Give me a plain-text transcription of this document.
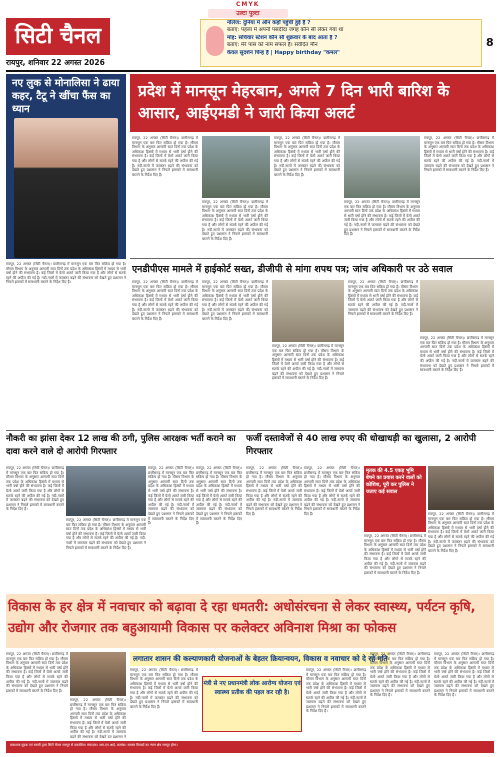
CMYK
उल्टा पुल्टा
सिटी चैनल
रायपुर, शनिवार 22 अगस्त 2026
8
नॉलेज: दुनिया में ऑन कहाँ पहुंची हुई है ?
बताएं: पहला में अपनी पसंदीदा जगह कौन सी लेकर गया था
मोह: सचिवार स्टेशन कौन सौ शुक्रवार के बाद आता है ?
बताएं: मेरे पास को नाम सफल है। सवेदित मौन
केवल सुदर्शन चिन्ह है | Happy birthday "कमल"
नए लुक से मोनालिसा ने ढाया कहर, टैटू ने खींचा फैंस का ध्यान
रायपुर, 22 अगस्त (सिटी चैनल)। छत्तीसगढ़ में मानसून एक बार फिर सक्रिय हो गया है। मौसम विभाग के अनुसार आगामी सात दिनों तक प्रदेश के अधिकांश हिस्सों में मध्यम से भारी वर्षा होने की संभावना है। कई जिलों में येलो अलर्ट जारी किया गया है और लोगों से सतर्क रहने की अपील की गई है। नदी-नालों में जलस्तर बढ़ने की संभावना को देखते हुए प्रशासन ने निचले इलाकों में सावधानी बरतने के निर्देश दिए हैं।
प्रदेश में मानसून मेहरबान, अगले 7 दिन भारी बारिश के आसार, आईएमडी ने जारी किया अलर्ट
रायपुर, 22 अगस्त (सिटी चैनल)। छत्तीसगढ़ में मानसून एक बार फिर सक्रिय हो गया है। मौसम विभाग के अनुसार आगामी सात दिनों तक प्रदेश के अधिकांश हिस्सों में मध्यम से भारी वर्षा होने की संभावना है। कई जिलों में येलो अलर्ट जारी किया गया है और लोगों से सतर्क रहने की अपील की गई है। नदी-नालों में जलस्तर बढ़ने की संभावना को देखते हुए प्रशासन ने निचले इलाकों में सावधानी बरतने के निर्देश दिए हैं।
रायपुर, 22 अगस्त (सिटी चैनल)। छत्तीसगढ़ में मानसून एक बार फिर सक्रिय हो गया है। मौसम विभाग के अनुसार आगामी सात दिनों तक प्रदेश के अधिकांश हिस्सों में मध्यम से भारी वर्षा होने की संभावना है। कई जिलों में येलो अलर्ट जारी किया गया है और लोगों से सतर्क रहने की अपील की गई है। नदी-नालों में जलस्तर बढ़ने की संभावना को देखते हुए प्रशासन ने निचले इलाकों में सावधानी बरतने के निर्देश दिए हैं।
रायपुर, 22 अगस्त (सिटी चैनल)। छत्तीसगढ़ में मानसून एक बार फिर सक्रिय हो गया है। मौसम विभाग के अनुसार आगामी सात दिनों तक प्रदेश के अधिकांश हिस्सों में मध्यम से भारी वर्षा होने की संभावना है। कई जिलों में येलो अलर्ट जारी किया गया है और लोगों से सतर्क रहने की अपील की गई है। नदी-नालों में जलस्तर बढ़ने की संभावना को देखते हुए प्रशासन ने निचले इलाकों में सावधानी बरतने के निर्देश दिए हैं।
रायपुर, 22 अगस्त (सिटी चैनल)। छत्तीसगढ़ में मानसून एक बार फिर सक्रिय हो गया है। मौसम विभाग के अनुसार आगामी सात दिनों तक प्रदेश के अधिकांश हिस्सों में मध्यम से भारी वर्षा होने की संभावना है। कई जिलों में येलो अलर्ट जारी किया गया है और लोगों से सतर्क रहने की अपील की गई है। नदी-नालों में जलस्तर बढ़ने की संभावना को देखते हुए प्रशासन ने निचले इलाकों में सावधानी बरतने के निर्देश दिए हैं।
रायपुर, 22 अगस्त (सिटी चैनल)। छत्तीसगढ़ में मानसून एक बार फिर सक्रिय हो गया है। मौसम विभाग के अनुसार आगामी सात दिनों तक प्रदेश के अधिकांश हिस्सों में मध्यम से भारी वर्षा होने की संभावना है। कई जिलों में येलो अलर्ट जारी किया गया है और लोगों से सतर्क रहने की अपील की गई है। नदी-नालों में जलस्तर बढ़ने की संभावना को देखते हुए प्रशासन ने निचले इलाकों में सावधानी बरतने के निर्देश दिए हैं।
एनडीपीएस मामले में हाईकोर्ट सख्त, डीजीपी से मांगा शपथ पत्र; जांच अधिकारी पर उठे सवाल
रायपुर, 22 अगस्त (सिटी चैनल)। छत्तीसगढ़ में मानसून एक बार फिर सक्रिय हो गया है। मौसम विभाग के अनुसार आगामी सात दिनों तक प्रदेश के अधिकांश हिस्सों में मध्यम से भारी वर्षा होने की संभावना है। कई जिलों में येलो अलर्ट जारी किया गया है और लोगों से सतर्क रहने की अपील की गई है। नदी-नालों में जलस्तर बढ़ने की संभावना को देखते हुए प्रशासन ने निचले इलाकों में सावधानी बरतने के निर्देश दिए हैं।
रायपुर, 22 अगस्त (सिटी चैनल)। छत्तीसगढ़ में मानसून एक बार फिर सक्रिय हो गया है। मौसम विभाग के अनुसार आगामी सात दिनों तक प्रदेश के अधिकांश हिस्सों में मध्यम से भारी वर्षा होने की संभावना है। कई जिलों में येलो अलर्ट जारी किया गया है और लोगों से सतर्क रहने की अपील की गई है। नदी-नालों में जलस्तर बढ़ने की संभावना को देखते हुए प्रशासन ने निचले इलाकों में सावधानी बरतने के निर्देश दिए हैं।
रायपुर, 22 अगस्त (सिटी चैनल)। छत्तीसगढ़ में मानसून एक बार फिर सक्रिय हो गया है। मौसम विभाग के अनुसार आगामी सात दिनों तक प्रदेश के अधिकांश हिस्सों में मध्यम से भारी वर्षा होने की संभावना है। कई जिलों में येलो अलर्ट जारी किया गया है और लोगों से सतर्क रहने की अपील की गई है। नदी-नालों में जलस्तर बढ़ने की संभावना को देखते हुए प्रशासन ने निचले इलाकों में सावधानी बरतने के निर्देश दिए हैं।
रायपुर, 22 अगस्त (सिटी चैनल)। छत्तीसगढ़ में मानसून एक बार फिर सक्रिय हो गया है। मौसम विभाग के अनुसार आगामी सात दिनों तक प्रदेश के अधिकांश हिस्सों में मध्यम से भारी वर्षा होने की संभावना है। कई जिलों में येलो अलर्ट जारी किया गया है और लोगों से सतर्क रहने की अपील की गई है। नदी-नालों में जलस्तर बढ़ने की संभावना को देखते हुए प्रशासन ने निचले इलाकों में सावधानी बरतने के निर्देश दिए हैं।
रायपुर, 22 अगस्त (सिटी चैनल)। छत्तीसगढ़ में मानसून एक बार फिर सक्रिय हो गया है। मौसम विभाग के अनुसार आगामी सात दिनों तक प्रदेश के अधिकांश हिस्सों में मध्यम से भारी वर्षा होने की संभावना है। कई जिलों में येलो अलर्ट जारी किया गया है और लोगों से सतर्क रहने की अपील की गई है। नदी-नालों में जलस्तर बढ़ने की संभावना को देखते हुए प्रशासन ने निचले इलाकों में सावधानी बरतने के निर्देश दिए हैं।
नौकरी का झांसा देकर 12 लाख की ठगी, पुलिस आरक्षक भर्ती कराने का दावा करने वाले दो आरोपी गिरफ्तार
रायपुर, 22 अगस्त (सिटी चैनल)। छत्तीसगढ़ में मानसून एक बार फिर सक्रिय हो गया है। मौसम विभाग के अनुसार आगामी सात दिनों तक प्रदेश के अधिकांश हिस्सों में मध्यम से भारी वर्षा होने की संभावना है। कई जिलों में येलो अलर्ट जारी किया गया है और लोगों से सतर्क रहने की अपील की गई है। नदी-नालों में जलस्तर बढ़ने की संभावना को देखते हुए प्रशासन ने निचले इलाकों में सावधानी बरतने के निर्देश दिए हैं।
रायपुर, 22 अगस्त (सिटी चैनल)। छत्तीसगढ़ में मानसून एक बार फिर सक्रिय हो गया है। मौसम विभाग के अनुसार आगामी सात दिनों तक प्रदेश के अधिकांश हिस्सों में मध्यम से भारी वर्षा होने की संभावना है। कई जिलों में येलो अलर्ट जारी किया गया है और लोगों से सतर्क रहने की अपील की गई है। नदी-नालों में जलस्तर बढ़ने की संभावना को देखते हुए प्रशासन ने निचले इलाकों में सावधानी बरतने के निर्देश दिए हैं।
रायपुर, 22 अगस्त (सिटी चैनल)। छत्तीसगढ़ में मानसून एक बार फिर सक्रिय हो गया है। मौसम विभाग के अनुसार आगामी सात दिनों तक प्रदेश के अधिकांश हिस्सों में मध्यम से भारी वर्षा होने की संभावना है। कई जिलों में येलो अलर्ट जारी किया गया है और लोगों से सतर्क रहने की अपील की गई है। नदी-नालों में जलस्तर बढ़ने की संभावना को देखते हुए प्रशासन ने निचले इलाकों में सावधानी बरतने के निर्देश दिए हैं।
रायपुर, 22 अगस्त (सिटी चैनल)। छत्तीसगढ़ में मानसून एक बार फिर सक्रिय हो गया है। मौसम विभाग के अनुसार आगामी सात दिनों तक प्रदेश के अधिकांश हिस्सों में मध्यम से भारी वर्षा होने की संभावना है। कई जिलों में येलो अलर्ट जारी किया गया है और लोगों से सतर्क रहने की अपील की गई है। नदी-नालों में जलस्तर बढ़ने की संभावना को देखते हुए प्रशासन ने निचले इलाकों में सावधानी बरतने के निर्देश दिए हैं।
फर्जी दस्तावेजों से 40 लाख रुपए की धोखाधड़ी का खुलासा, 2 आरोपी गिरफ्तार
रायपुर, 22 अगस्त (सिटी चैनल)। छत्तीसगढ़ में मानसून एक बार फिर सक्रिय हो गया है। मौसम विभाग के अनुसार आगामी सात दिनों तक प्रदेश के अधिकांश हिस्सों में मध्यम से भारी वर्षा होने की संभावना है। कई जिलों में येलो अलर्ट जारी किया गया है और लोगों से सतर्क रहने की अपील की गई है। नदी-नालों में जलस्तर बढ़ने की संभावना को देखते हुए प्रशासन ने निचले इलाकों में सावधानी बरतने के निर्देश दिए हैं।
रायपुर, 22 अगस्त (सिटी चैनल)। छत्तीसगढ़ में मानसून एक बार फिर सक्रिय हो गया है। मौसम विभाग के अनुसार आगामी सात दिनों तक प्रदेश के अधिकांश हिस्सों में मध्यम से भारी वर्षा होने की संभावना है। कई जिलों में येलो अलर्ट जारी किया गया है और लोगों से सतर्क रहने की अपील की गई है। नदी-नालों में जलस्तर बढ़ने की संभावना को देखते हुए प्रशासन ने निचले इलाकों में सावधानी बरतने के निर्देश दिए हैं।
मृतक की 4.5 एकड़ भूमि बेचने का प्रयास करने वालों को कोशिश, पूरी कर पुलिस ने जताए कई सवाल
रायपुर, 22 अगस्त (सिटी चैनल)। छत्तीसगढ़ में मानसून एक बार फिर सक्रिय हो गया है। मौसम विभाग के अनुसार आगामी सात दिनों तक प्रदेश के अधिकांश हिस्सों में मध्यम से भारी वर्षा होने की संभावना है। कई जिलों में येलो अलर्ट जारी किया गया है और लोगों से सतर्क रहने की अपील की गई है। नदी-नालों में जलस्तर बढ़ने की संभावना को देखते हुए प्रशासन ने निचले इलाकों में सावधानी बरतने के निर्देश दिए हैं।
रायपुर, 22 अगस्त (सिटी चैनल)। छत्तीसगढ़ में मानसून एक बार फिर सक्रिय हो गया है। मौसम विभाग के अनुसार आगामी सात दिनों तक प्रदेश के अधिकांश हिस्सों में मध्यम से भारी वर्षा होने की संभावना है। कई जिलों में येलो अलर्ट जारी किया गया है और लोगों से सतर्क रहने की अपील की गई है। नदी-नालों में जलस्तर बढ़ने की संभावना को देखते हुए प्रशासन ने निचले इलाकों में सावधानी बरतने के निर्देश दिए हैं।
विकास के हर क्षेत्र में नवाचार को बढ़ावा दे रहा धमतरी: अधोसंरचना से लेकर स्वास्थ्य, पर्यटन कृषि, उद्योग और रोजगार तक बहुआयामी विकास पर कलेक्टर अविनाश मिश्रा का फोकस
रायपुर, 22 अगस्त (सिटी चैनल)। छत्तीसगढ़ में मानसून एक बार फिर सक्रिय हो गया है। मौसम विभाग के अनुसार आगामी सात दिनों तक प्रदेश के अधिकांश हिस्सों में मध्यम से भारी वर्षा होने की संभावना है। कई जिलों में येलो अलर्ट जारी किया गया है और लोगों से सतर्क रहने की अपील की गई है। नदी-नालों में जलस्तर बढ़ने की संभावना को देखते हुए प्रशासन ने निचले इलाकों में सावधानी बरतने के निर्देश दिए हैं।
रायपुर, 22 अगस्त (सिटी चैनल)। छत्तीसगढ़ में मानसून एक बार फिर सक्रिय हो गया है। मौसम विभाग के अनुसार आगामी सात दिनों तक प्रदेश के अधिकांश हिस्सों में मध्यम से भारी वर्षा होने की संभावना है। कई जिलों में येलो अलर्ट जारी किया गया है और लोगों से सतर्क रहने की अपील की गई है। नदी-नालों में जलस्तर बढ़ने की संभावना को देखते हुए प्रशासन ने
लगातार शासन की कल्याणकारी योजनाओं के बेहतर क्रियान्वयन, विकास व नवाचार को दे रहे गति
रायपुर, 22 अगस्त (सिटी चैनल)। छत्तीसगढ़ में मानसून एक बार फिर सक्रिय हो गया है। मौसम विभाग के अनुसार आगामी सात दिनों तक प्रदेश के अधिकांश हिस्सों में मध्यम से भारी वर्षा होने की संभावना है। कई जिलों में येलो अलर्ट जारी किया गया है और लोगों से सतर्क रहने की अपील की गई है। नदी-नालों में जलस्तर बढ़ने की संभावना को देखते हुए प्रशासन ने निचले इलाकों में सावधानी बरतने के निर्देश दिए हैं।
मंत्री से नए प्रधानमंत्री लोक आरोग्य योजना एवं स्वास्थ्य प्रतीक की पहल कर रही है।
रायपुर, 22 अगस्त (सिटी चैनल)। छत्तीसगढ़ में मानसून एक बार फिर सक्रिय हो गया है। मौसम विभाग के अनुसार आगामी सात दिनों तक प्रदेश के अधिकांश हिस्सों में मध्यम से भारी वर्षा होने की संभावना है। कई जिलों में येलो अलर्ट जारी किया गया है और लोगों से सतर्क रहने की अपील की गई है। नदी-नालों में जलस्तर बढ़ने की संभावना को देखते हुए प्रशासन ने निचले इलाकों में सावधानी बरतने के निर्देश दिए हैं।
रायपुर, 22 अगस्त (सिटी चैनल)। छत्तीसगढ़ में मानसून एक बार फिर सक्रिय हो गया है। मौसम विभाग के अनुसार आगामी सात दिनों तक प्रदेश के अधिकांश हिस्सों में मध्यम से भारी वर्षा होने की संभावना है। कई जिलों में येलो अलर्ट जारी किया गया है और लोगों से सतर्क रहने की अपील की गई है। नदी-नालों में जलस्तर बढ़ने की संभावना को देखते हुए प्रशासन ने निचले इलाकों में सावधानी बरतने के निर्देश दिए हैं।
रायपुर, 22 अगस्त (सिटी चैनल)। छत्तीसगढ़ में मानसून एक बार फिर सक्रिय हो गया है। मौसम विभाग के अनुसार आगामी सात दिनों तक प्रदेश के अधिकांश हिस्सों में मध्यम से भारी वर्षा होने की संभावना है। कई जिलों में येलो अलर्ट जारी किया गया है और लोगों से सतर्क रहने की अपील की गई है। नदी-नालों में जलस्तर बढ़ने की संभावना को देखते हुए प्रशासन ने निचले इलाकों में सावधानी बरतने के निर्देश दिए हैं।
प्रकाशक मुद्रक एवं स्वामी द्वारा सिटी चैनल रायपुर से प्रकाशित। संपादक। आर.एन.आई. क्रमांक। समस्त विवादों का न्याय क्षेत्र रायपुर होगा।
